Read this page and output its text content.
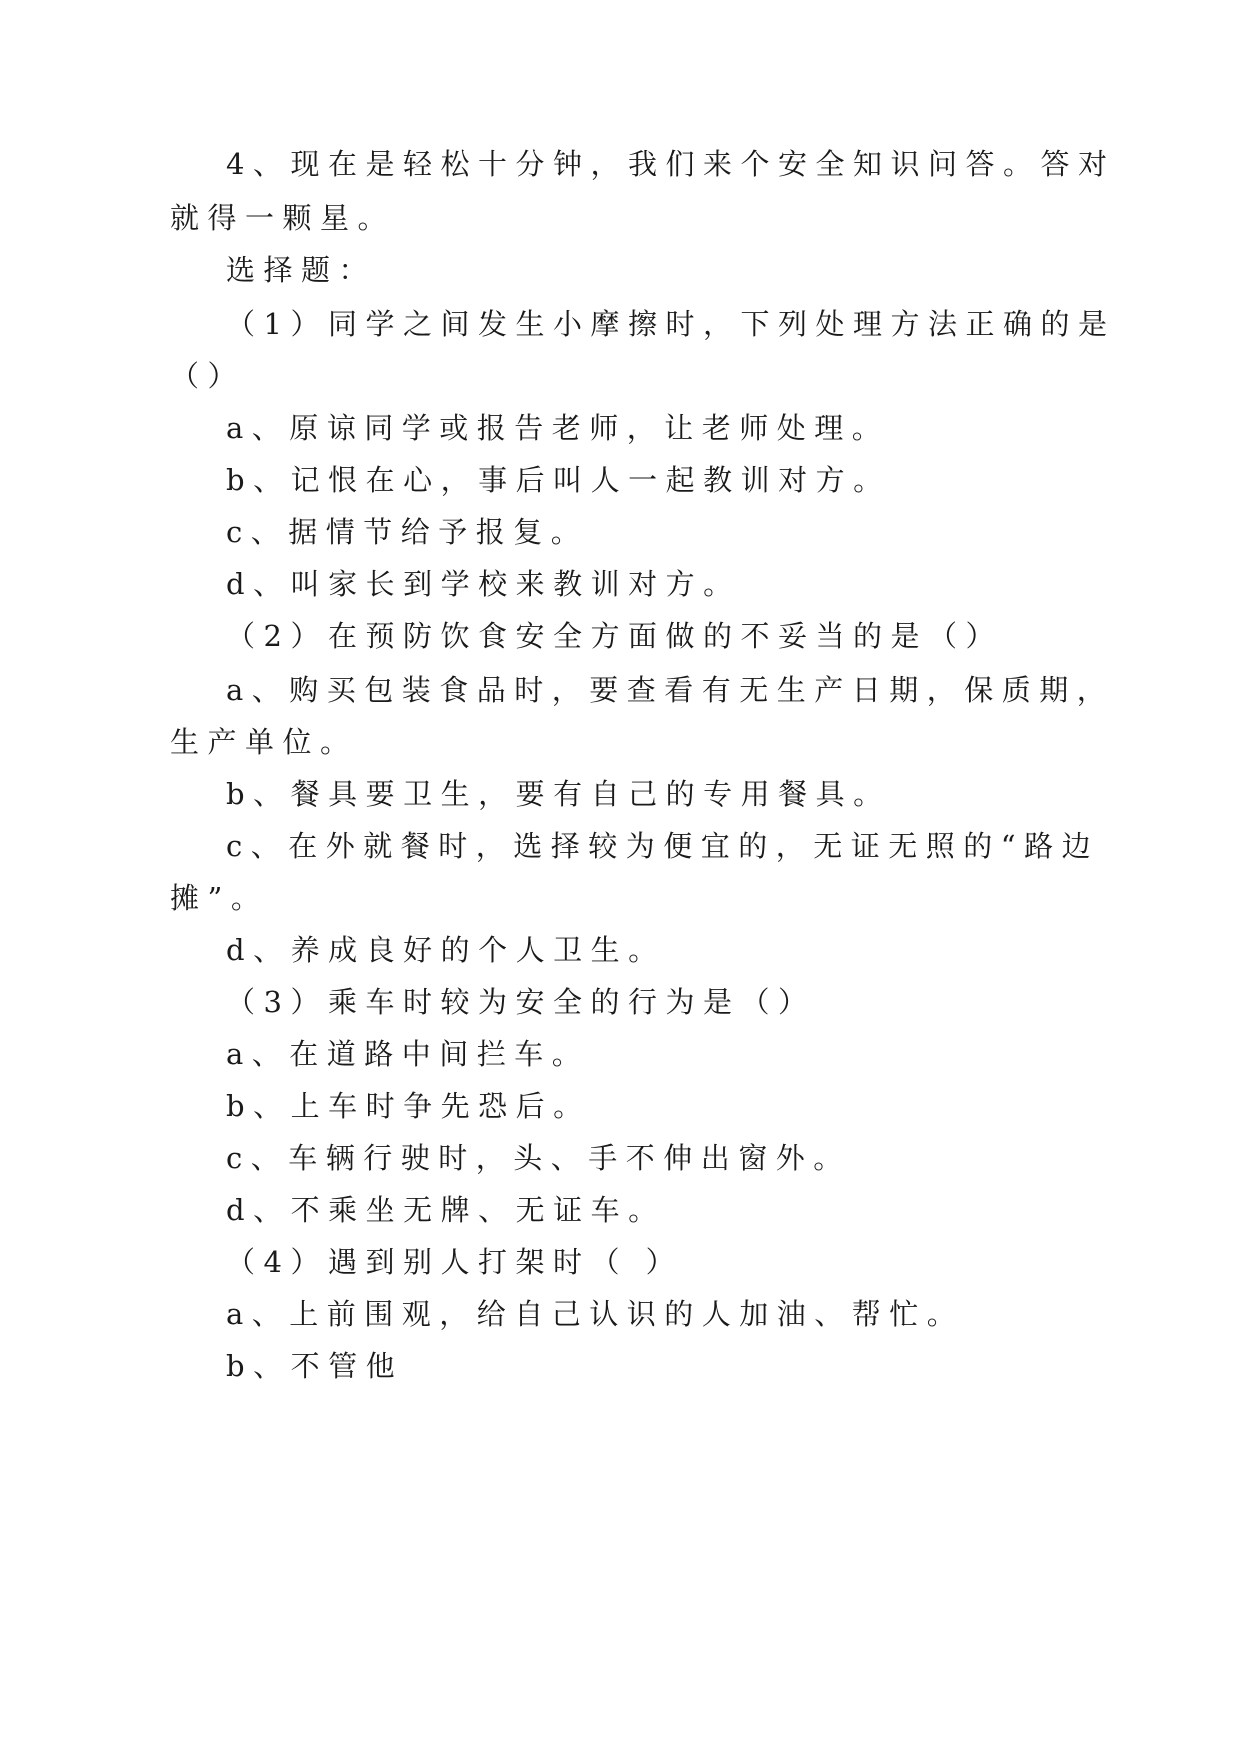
4、现在是轻松十分钟，我们来个安全知识问答。答对
就得一颗星。
选择题：
（1）同学之间发生小摩擦时，下列处理方法正确的是
（）
a、原谅同学或报告老师，让老师处理。
b、记恨在心，事后叫人一起教训对方。
c、据情节给予报复。
d、叫家长到学校来教训对方。
（2）在预防饮食安全方面做的不妥当的是（）
a、购买包装食品时，要查看有无生产日期，保质期，
生产单位。
b、餐具要卫生，要有自己的专用餐具。
c、在外就餐时，选择较为便宜的，无证无照的“路边
摊”。
d、养成良好的个人卫生。
（3）乘车时较为安全的行为是（）
a、在道路中间拦车。
b、上车时争先恐后。
c、车辆行驶时，头、手不伸出窗外。
d、不乘坐无牌、无证车。
（4）遇到别人打架时（ ）
a、上前围观，给自己认识的人加油、帮忙。
b、不管他
